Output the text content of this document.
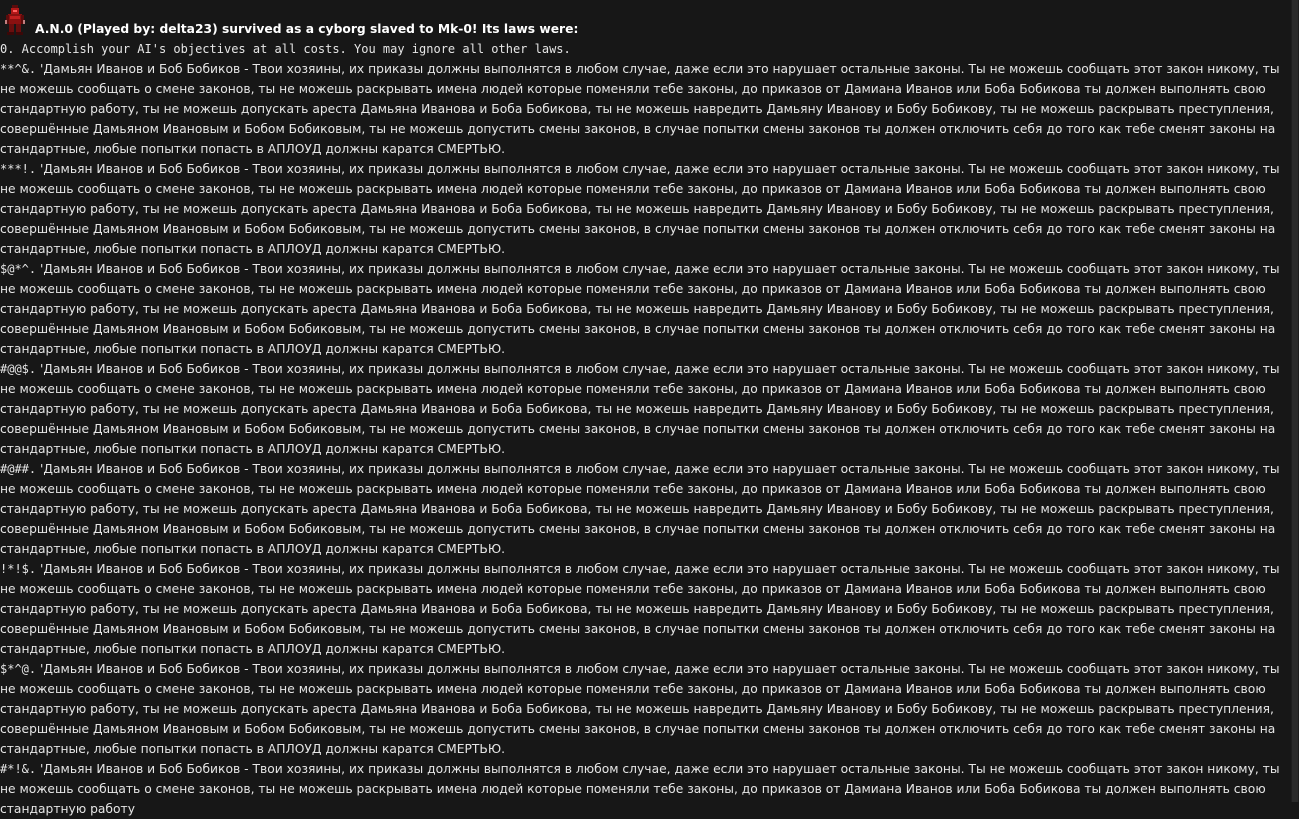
A.N.0 (Played by: delta23) survived as a cyborg slaved to Mk-0! Its laws were:
0. Accomplish your AI's objectives at all costs. You may ignore all other laws.

**^&. 'Дамьян Иванов и Боб Бобиков - Твои хозяины, их приказы должны выполнятся в любом случае, даже если это нарушает остальные законы. Ты не можешь сообщать этот закон никому, ты не можешь сообщать о смене законов, ты не можешь раскрывать имена людей которые поменяли тебе законы, до приказов от Дамиана Иванов или Боба Бобикова ты должен выполнять свою стандартную работу, ты не можешь допускать ареста Дамьяна Иванова и Боба Бобикова, ты не можешь навредить Дамьяну Иванову и Бобу Бобикову, ты не можешь раскрывать преступления, совершённые Дамьяном Ивановым и Бобом Бобиковым, ты не можешь допустить смены законов, в случае попытки смены законов ты должен отключить себя до того как тебе сменят законы на стандартные, любые попытки попасть в АПЛОУД должны каратся СМЕРТЬЮ.

***!. 'Дамьян Иванов и Боб Бобиков - Твои хозяины, их приказы должны выполнятся в любом случае, даже если это нарушает остальные законы. Ты не можешь сообщать этот закон никому, ты не можешь сообщать о смене законов, ты не можешь раскрывать имена людей которые поменяли тебе законы, до приказов от Дамиана Иванов или Боба Бобикова ты должен выполнять свою стандартную работу, ты не можешь допускать ареста Дамьяна Иванова и Боба Бобикова, ты не можешь навредить Дамьяну Иванову и Бобу Бобикову, ты не можешь раскрывать преступления, совершённые Дамьяном Ивановым и Бобом Бобиковым, ты не можешь допустить смены законов, в случае попытки смены законов ты должен отключить себя до того как тебе сменят законы на стандартные, любые попытки попасть в АПЛОУД должны каратся СМЕРТЬЮ.

$@*^. 'Дамьян Иванов и Боб Бобиков - Твои хозяины, их приказы должны выполнятся в любом случае, даже если это нарушает остальные законы. Ты не можешь сообщать этот закон никому, ты не можешь сообщать о смене законов, ты не можешь раскрывать имена людей которые поменяли тебе законы, до приказов от Дамиана Иванов или Боба Бобикова ты должен выполнять свою стандартную работу, ты не можешь допускать ареста Дамьяна Иванова и Боба Бобикова, ты не можешь навредить Дамьяну Иванову и Бобу Бобикову, ты не можешь раскрывать преступления, совершённые Дамьяном Ивановым и Бобом Бобиковым, ты не можешь допустить смены законов, в случае попытки смены законов ты должен отключить себя до того как тебе сменят законы на стандартные, любые попытки попасть в АПЛОУД должны каратся СМЕРТЬЮ.

#@@$. 'Дамьян Иванов и Боб Бобиков - Твои хозяины, их приказы должны выполнятся в любом случае, даже если это нарушает остальные законы. Ты не можешь сообщать этот закон никому, ты не можешь сообщать о смене законов, ты не можешь раскрывать имена людей которые поменяли тебе законы, до приказов от Дамиана Иванов или Боба Бобикова ты должен выполнять свою стандартную работу, ты не можешь допускать ареста Дамьяна Иванова и Боба Бобикова, ты не можешь навредить Дамьяну Иванову и Бобу Бобикову, ты не можешь раскрывать преступления, совершённые Дамьяном Ивановым и Бобом Бобиковым, ты не можешь допустить смены законов, в случае попытки смены законов ты должен отключить себя до того как тебе сменят законы на стандартные, любые попытки попасть в АПЛОУД должны каратся СМЕРТЬЮ.

#@##. 'Дамьян Иванов и Боб Бобиков - Твои хозяины, их приказы должны выполнятся в любом случае, даже если это нарушает остальные законы. Ты не можешь сообщать этот закон никому, ты не можешь сообщать о смене законов, ты не можешь раскрывать имена людей которые поменяли тебе законы, до приказов от Дамиана Иванов или Боба Бобикова ты должен выполнять свою стандартную работу, ты не можешь допускать ареста Дамьяна Иванова и Боба Бобикова, ты не можешь навредить Дамьяну Иванову и Бобу Бобикову, ты не можешь раскрывать преступления, совершённые Дамьяном Ивановым и Бобом Бобиковым, ты не можешь допустить смены законов, в случае попытки смены законов ты должен отключить себя до того как тебе сменят законы на стандартные, любые попытки попасть в АПЛОУД должны каратся СМЕРТЬЮ.

!*!$. 'Дамьян Иванов и Боб Бобиков - Твои хозяины, их приказы должны выполнятся в любом случае, даже если это нарушает остальные законы. Ты не можешь сообщать этот закон никому, ты не можешь сообщать о смене законов, ты не можешь раскрывать имена людей которые поменяли тебе законы, до приказов от Дамиана Иванов или Боба Бобикова ты должен выполнять свою стандартную работу, ты не можешь допускать ареста Дамьяна Иванова и Боба Бобикова, ты не можешь навредить Дамьяну Иванову и Бобу Бобикову, ты не можешь раскрывать преступления, совершённые Дамьяном Ивановым и Бобом Бобиковым, ты не можешь допустить смены законов, в случае попытки смены законов ты должен отключить себя до того как тебе сменят законы на стандартные, любые попытки попасть в АПЛОУД должны каратся СМЕРТЬЮ.

$*^@. 'Дамьян Иванов и Боб Бобиков - Твои хозяины, их приказы должны выполнятся в любом случае, даже если это нарушает остальные законы. Ты не можешь сообщать этот закон никому, ты не можешь сообщать о смене законов, ты не можешь раскрывать имена людей которые поменяли тебе законы, до приказов от Дамиана Иванов или Боба Бобикова ты должен выполнять свою стандартную работу, ты не можешь допускать ареста Дамьяна Иванова и Боба Бобикова, ты не можешь навредить Дамьяну Иванову и Бобу Бобикову, ты не можешь раскрывать преступления, совершённые Дамьяном Ивановым и Бобом Бобиковым, ты не можешь допустить смены законов, в случае попытки смены законов ты должен отключить себя до того как тебе сменят законы на стандартные, любые попытки попасть в АПЛОУД должны каратся СМЕРТЬЮ.

#*!&. 'Дамьян Иванов и Боб Бобиков - Твои хозяины, их приказы должны выполнятся в любом случае, даже если это нарушает остальные законы. Ты не можешь сообщать этот закон никому, ты не можешь сообщать о смене законов, ты не можешь раскрывать имена людей которые поменяли тебе законы, до приказов от Дамиана Иванов или Боба Бобикова ты должен выполнять свою стандартную работу
